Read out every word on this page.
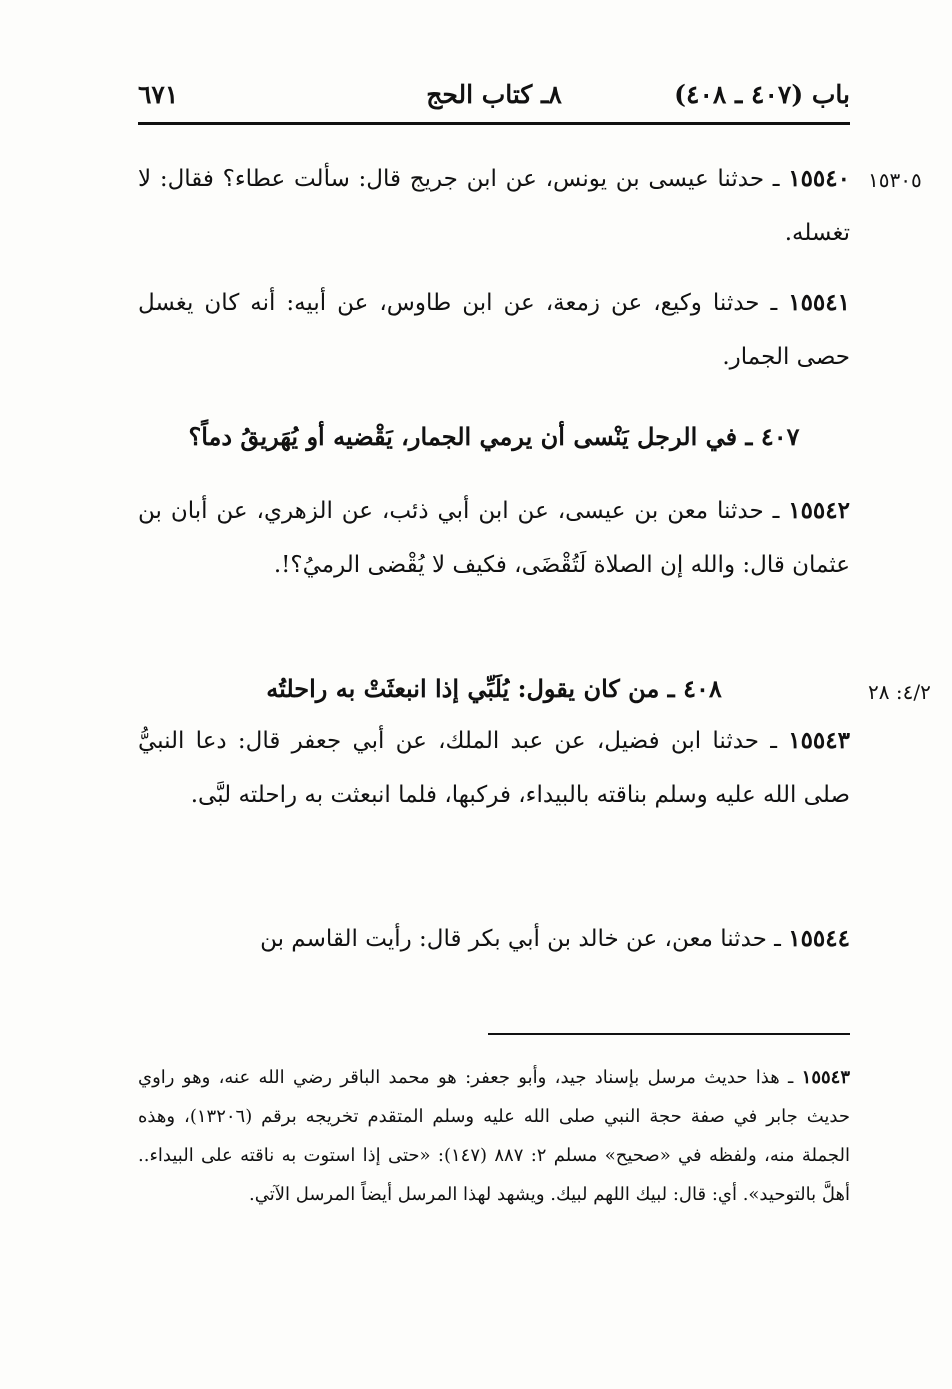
باب (٤٠٧ ـ ٤٠٨)
٨ـ كتاب الحج
٦٧١
١٥٣٠٥
٤/٢: ٢٨
١٥٥٤٠ ـ حدثنا عيسى بن يونس، عن ابن جريج قال: سألت عطاء؟ فقال: لا تغسله.
١٥٥٤١ ـ حدثنا وكيع، عن زمعة، عن ابن طاوس، عن أبيه: أنه كان يغسل حصى الجمار.
٤٠٧ ـ في الرجل يَنْسى أن يرمي الجمار، يَقْضيه أو يُهَريقُ دماً؟
١٥٥٤٢ ـ حدثنا معن بن عيسى، عن ابن أبي ذئب، عن الزهري، عن أبان بن عثمان قال: والله إن الصلاة لَتُقْضَى، فكيف لا يُقْضى الرميُ؟!.
٤٠٨ ـ من كان يقول: يُلَبِّي إذا انبعثَتْ به راحلتُه
١٥٥٤٣ ـ حدثنا ابن فضيل، عن عبد الملك، عن أبي جعفر قال: دعا النبيُّ صلى الله عليه وسلم بناقته بالبيداء، فركبها، فلما انبعثت به راحلته لبَّى.
١٥٥٤٤ ـ حدثنا معن، عن خالد بن أبي بكر قال: رأيت القاسم بن
١٥٥٤٣ ـ هذا حديث مرسل بإسناد جيد، وأبو جعفر: هو محمد الباقر رضي الله عنه، وهو راوي حديث جابر في صفة حجة النبي صلى الله عليه وسلم المتقدم تخريجه برقم (١٣٢٠٦)، وهذه الجملة منه، ولفظه في «صحيح» مسلم ٢: ٨٨٧ (١٤٧): «حتى إذا استوت به ناقته على البيداء.. أهلَّ بالتوحيد». أي: قال: لبيك اللهم لبيك. ويشهد لهذا المرسل أيضاً المرسل الآتي.
